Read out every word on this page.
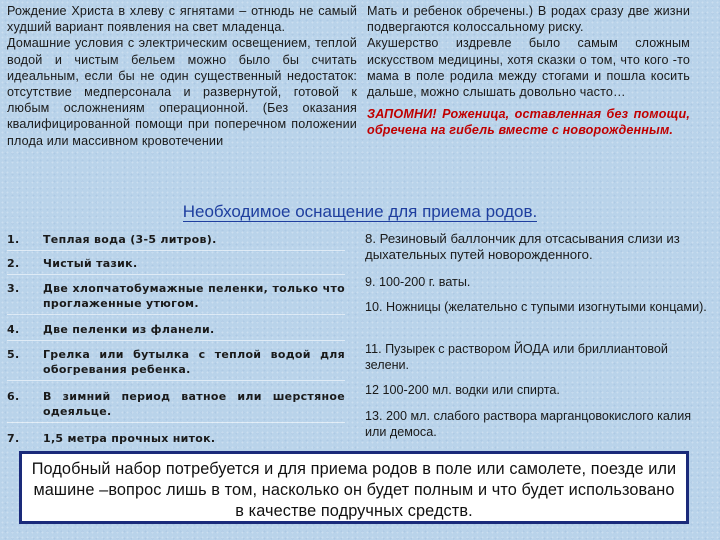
Рождение Христа в хлеву с ягнятами – отнюдь не самый худший вариант появления на свет младенца.

Домашние условия с электрическим освещением, теплой водой и чистым бельем можно было бы считать идеальным, если бы не один существенный недостаток: отсутствие медперсонала и развернутой, готовой к любым осложнениям операционной. (Без оказания квалифицированной помощи при поперечном положении плода или массивном кровотечении

Мать и ребенок обречены.) В родах сразу две жизни подвергаются колоссальному риску.

Акушерство издревле было самым сложным искусством медицины, хотя сказки о том, что кого -то мама в поле родила между стогами и пошла косить дальше, можно слышать довольно часто…

ЗАПОМНИ! Роженица, оставленная без помощи, обречена на гибель вместе с новорожденным.

Необходимое оснащение для приема родов.
1. Теплая вода (3-5 литров).
2. Чистый тазик.
3. Две хлопчатобумажные пеленки, только что проглаженные утюгом.
4. Две пеленки из фланели.
5. Грелка или бутылка с теплой водой для обогревания ребенка.
6. В зимний период ватное или шерстяное одеяльце.
7. 1,5 метра прочных ниток.
8. Резиновый баллончик для отсасывания слизи из дыхательных путей новорожденного.
9. 100-200 г. ваты.
10. Ножницы (желательно с тупыми изогнутыми концами).
11. Пузырек с раствором ЙОДА или бриллиантовой зелени.
12 100-200 мл. водки или спирта.
13. 200 мл. слабого раствора марганцовокислого калия или демоса.
Подобный набор потребуется и для приема родов в поле или самолете, поезде или машине –вопрос лишь в том, насколько он будет полным и что будет использовано в качестве подручных средств.
